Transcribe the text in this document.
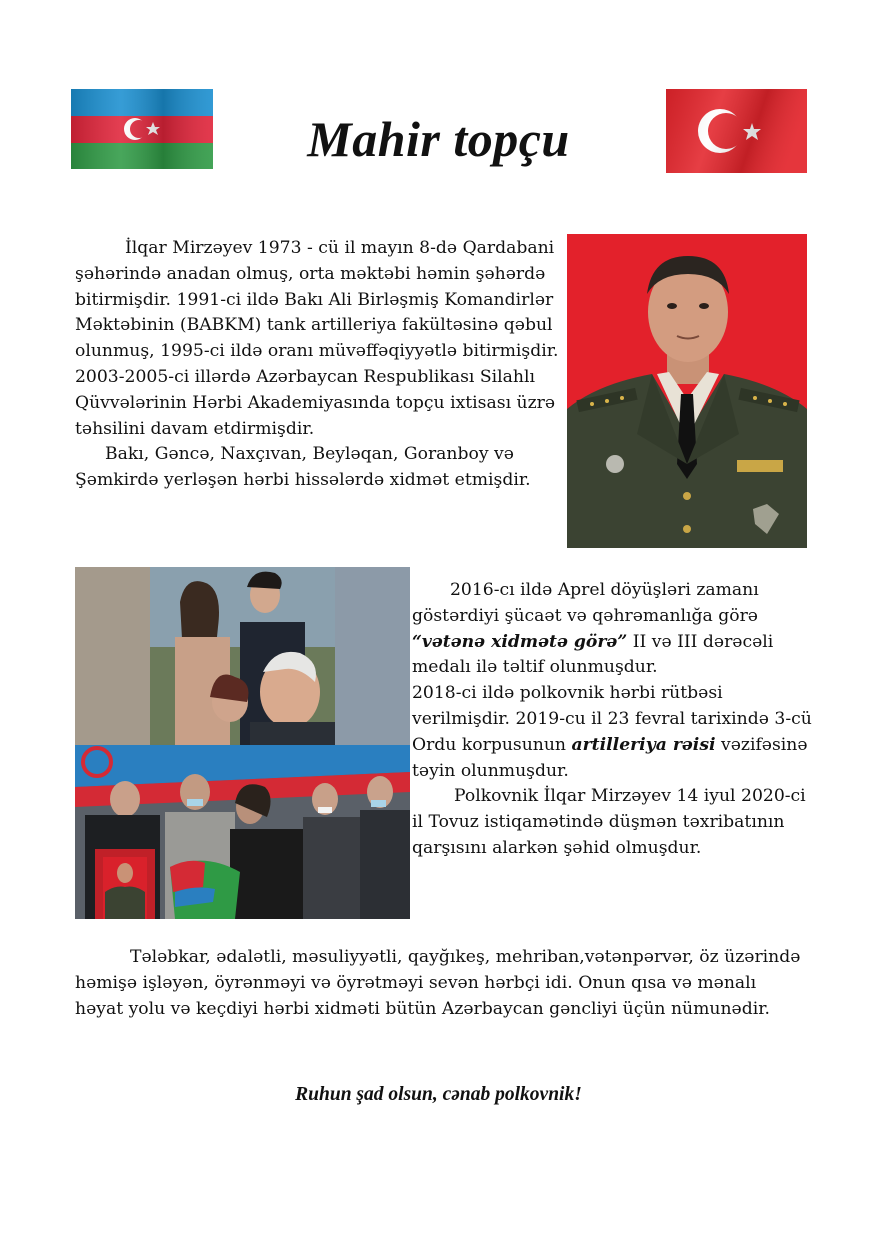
Mahir topçu

İlqar Mirzəyev 1973 - cü il mayın 8-də Qardabani şəhərində anadan olmuş, orta məktəbi həmin şəhərdə bitirmişdir. 1991-ci ildə Bakı Ali Birləşmiş Komandirlər Məktəbinin (BABKM) tank artilleriya fakültəsinə qəbul olunmuş, 1995-ci ildə oranı müvəffəqiyyətlə bitirmişdir. 2003-2005-ci illərdə Azərbaycan Respublikası Silahlı Qüvvələrinin Hərbi Akademiyasında topçu ixtisası üzrə təhsilini davam etdirmişdir.

Bakı, Gəncə, Naxçıvan, Beyləqan, Goranboy və Şəmkirdə yerləşən hərbi hissələrdə xidmət etmişdir.

2016-cı ildə Aprel döyüşləri zamanı göstərdiyi şücaət və qəhrəmanlığa görə “vətənə xidmətə görə” II və III dərəcəli medalı ilə təltif olunmuşdur.

2018-ci ildə polkovnik hərbi rütbəsi verilmişdir. 2019-cu il 23 fevral tarixində 3-cü Ordu korpusunun artilleriya rəisi vəzifəsinə təyin olunmuşdur.

Polkovnik İlqar Mirzəyev 14 iyul 2020-ci il Tovuz istiqamətində düşmən təxribatının qarşısını alarkən şəhid olmuşdur.

Tələbkar, ədalətli, məsuliyyətli, qayğıkeş, mehriban,vətənpərvər, öz üzərində həmişə işləyən, öyrənməyi və öyrətməyi sevən hərbçi idi. Onun qısa və mənalı həyat yolu və keçdiyi hərbi xidməti bütün Azərbaycan gəncliyi üçün nümunədir.

Ruhun şad olsun, cənab polkovnik!
